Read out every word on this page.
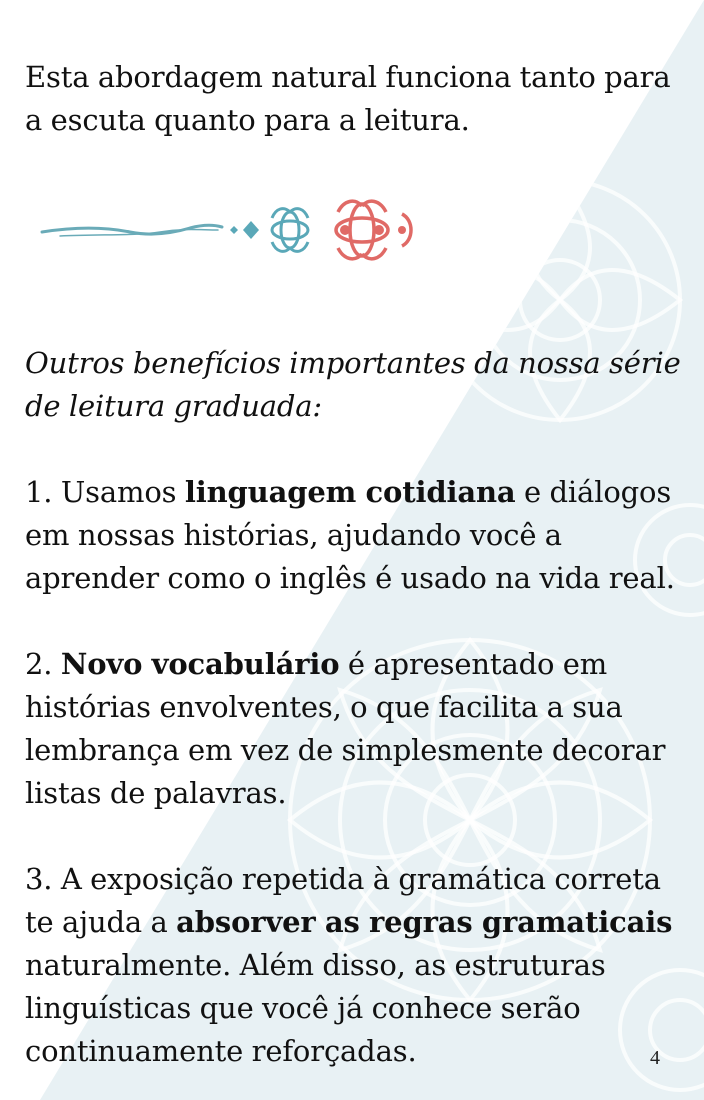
Esta abordagem natural funciona tanto para a escuta quanto para a leitura.

Outros benefícios importantes da nossa série de leitura graduada:

1. Usamos linguagem cotidiana e diálogos em nossas histórias, ajudando você a aprender como o inglês é usado na vida real.

2. Novo vocabulário é apresentado em histórias envolventes, o que facilita a sua lembrança em vez de simplesmente decorar listas de palavras.

3. A exposição repetida à gramática correta te ajuda a absorver as regras gramaticais naturalmente. Além disso, as estruturas linguísticas que você já conhece serão continuamente reforçadas.	4
